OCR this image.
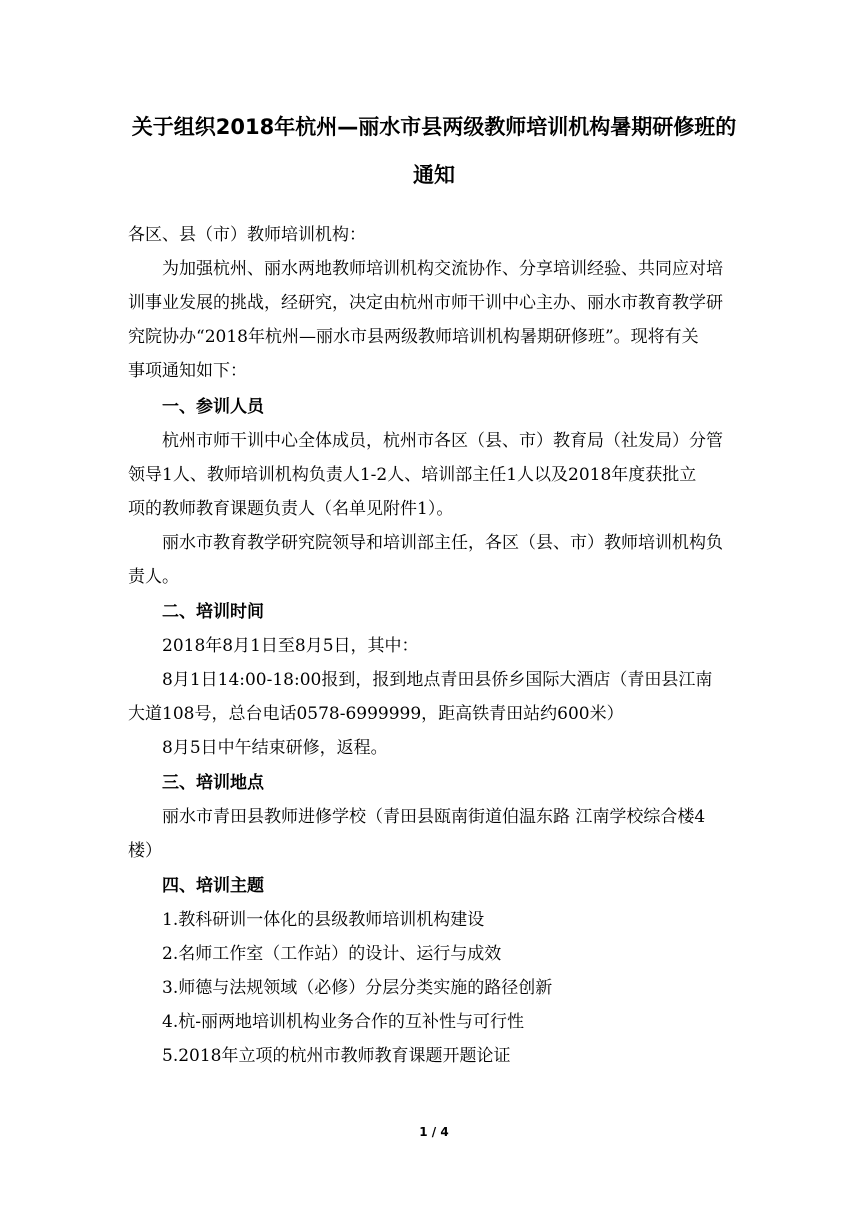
关于组织2018年杭州—丽水市县两级教师培训机构暑期研修班的
通知
各区、县（市）教师培训机构：
为加强杭州、丽水两地教师培训机构交流协作、分享培训经验、共同应对培
训事业发展的挑战，经研究，决定由杭州市师干训中心主办、丽水市教育教学研
究院协办“2018年杭州—丽水市县两级教师培训机构暑期研修班”。现将有关
事项通知如下：
一、参训人员
杭州市师干训中心全体成员，杭州市各区（县、市）教育局（社发局）分管
领导1人、教师培训机构负责人1-2人、培训部主任1人以及2018年度获批立
项的教师教育课题负责人（名单见附件1）。
丽水市教育教学研究院领导和培训部主任，各区（县、市）教师培训机构负
责人。
二、培训时间
2018年8月1日至8月5日，其中：
8月1日14:00-18:00报到，报到地点青田县侨乡国际大酒店（青田县江南
大道108号，总台电话0578-6999999，距高铁青田站约600米）
8月5日中午结束研修，返程。
三、培训地点
丽水市青田县教师进修学校（青田县瓯南街道伯温东路 江南学校综合楼4
楼）
四、培训主题
1.教科研训一体化的县级教师培训机构建设
2.名师工作室（工作站）的设计、运行与成效
3.师德与法规领域（必修）分层分类实施的路径创新
4.杭-丽两地培训机构业务合作的互补性与可行性
5.2018年立项的杭州市教师教育课题开题论证
1 / 4
